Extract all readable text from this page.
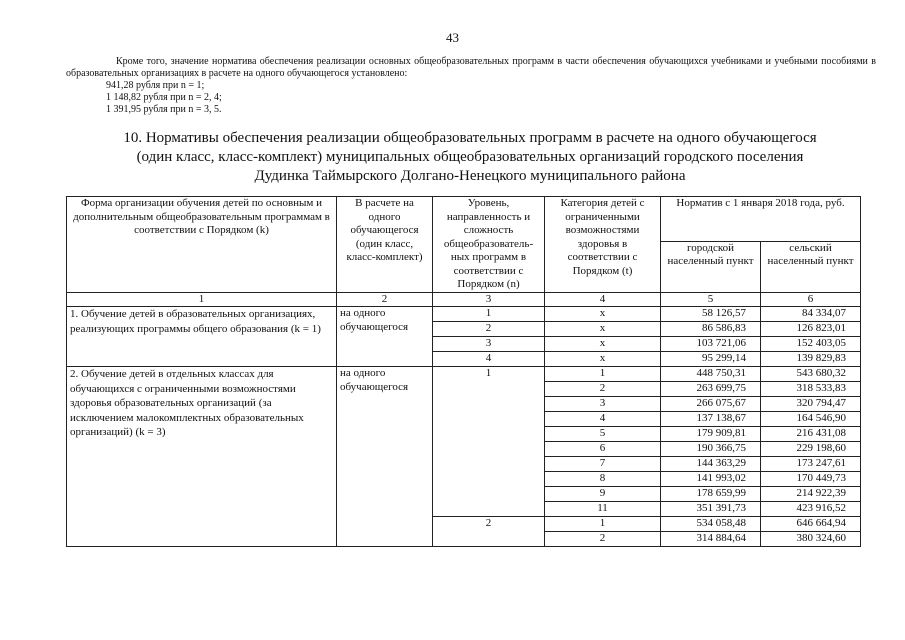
43
Кроме того, значение норматива обеспечения реализации основных общеобразовательных программ в части обеспечения обучающихся учебниками и учебными пособиями в образовательных организациях в расчете на одного обучающегося установлено:
941,28 рубля при n = 1;
1 148,82 рубля при n = 2, 4;
1 391,95 рубля при n = 3, 5.
10. Нормативы обеспечения реализации общеобразовательных программ в расчете на одного обучающегося
(один класс, класс-комплект) муниципальных общеобразовательных организаций городского поселения
Дудинка Таймырского Долгано-Ненецкого муниципального района
Форма организации обучения детей по основным и дополнительным общеобразовательным программам в соответствии с Порядком (k)	В расчете на одного обучающегося (один класс, класс-комплект)	Уровень, направленность и сложность общеобразователь-ных программ в соответствии с Порядком (n)	Категория детей с ограниченными возможностями здоровья в соответствии с Порядком (t)	Норматив с 1 января 2018 года, руб.	
				городской населенный пункт	сельский населенный пункт
1	2	3	4	5	6
1. Обучение детей в образовательных организациях, реализующих программы общего образования (k = 1)	на одного обучающегося	1	x	58 126,57	84 334,07
		2	x	86 586,83	126 823,01
		3	x	103 721,06	152 403,05
		4	x	95 299,14	139 829,83
2. Обучение детей в отдельных классах для обучающихся с ограниченными возможностями здоровья образовательных организаций (за исключением малокомплектных образовательных организаций) (k = 3)	на одного обучающегося	1	1	448 750,31	543 680,32
			2	263 699,75	318 533,83
			3	266 075,67	320 794,47
			4	137 138,67	164 546,90
			5	179 909,81	216 431,08
			6	190 366,75	229 198,60
			7	144 363,29	173 247,61
			8	141 993,02	170 449,73
			9	178 659,99	214 922,39
			11	351 391,73	423 916,52
		2	1	534 058,48	646 664,94
			2	314 884,64	380 324,60
